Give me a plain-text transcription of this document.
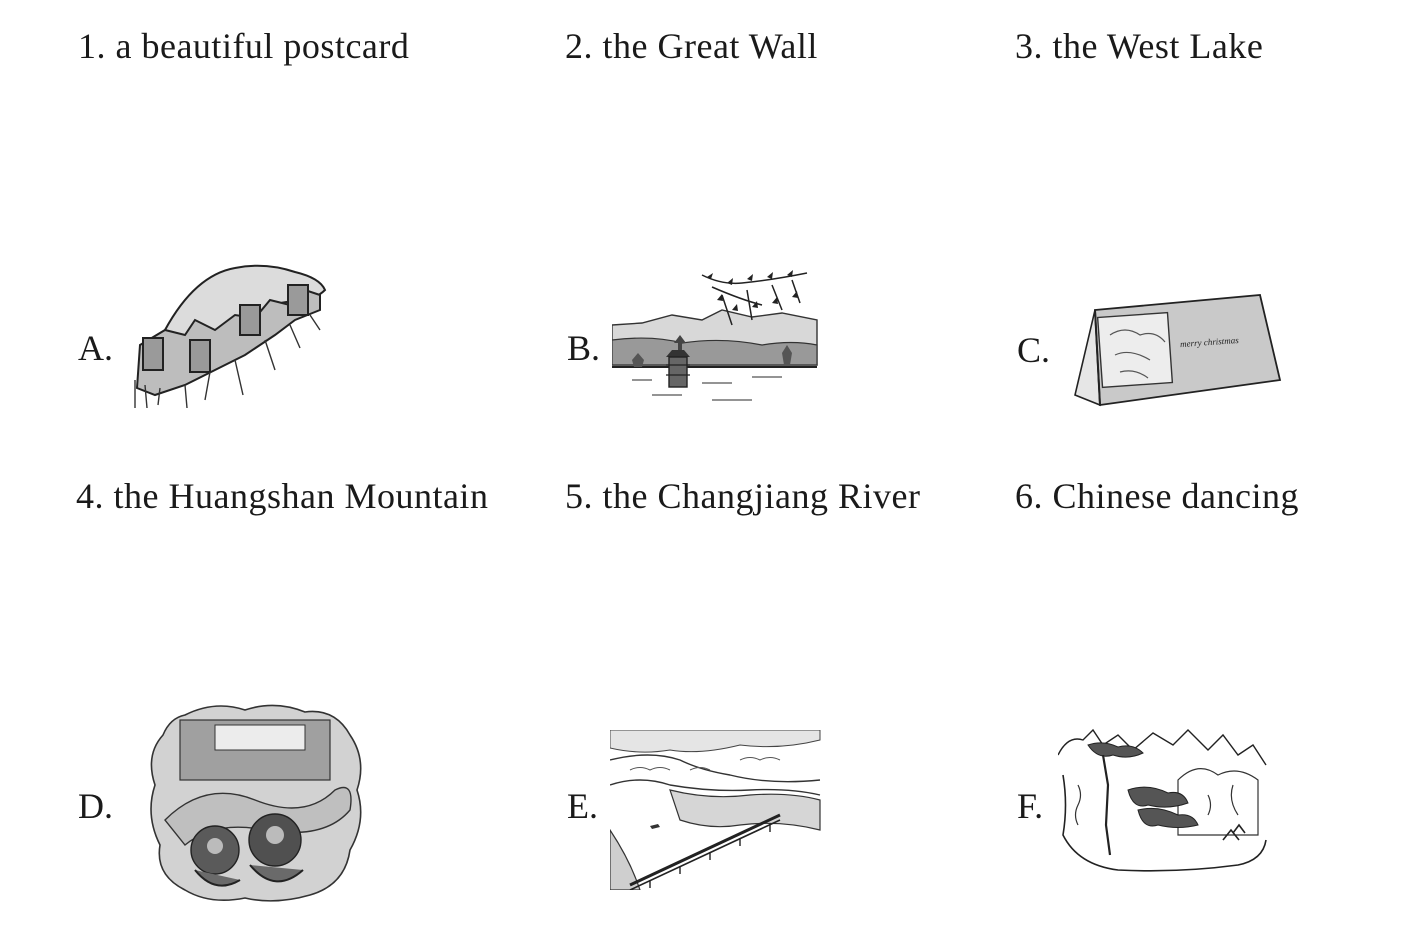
1. a beautiful postcard	2. the Great Wall	3. the West Lake
4. the Huangshan Mountain 5. the Changjiang River	6. Chinese dancing
A.	B.	C.
D.	E.	F.
merry christmas
